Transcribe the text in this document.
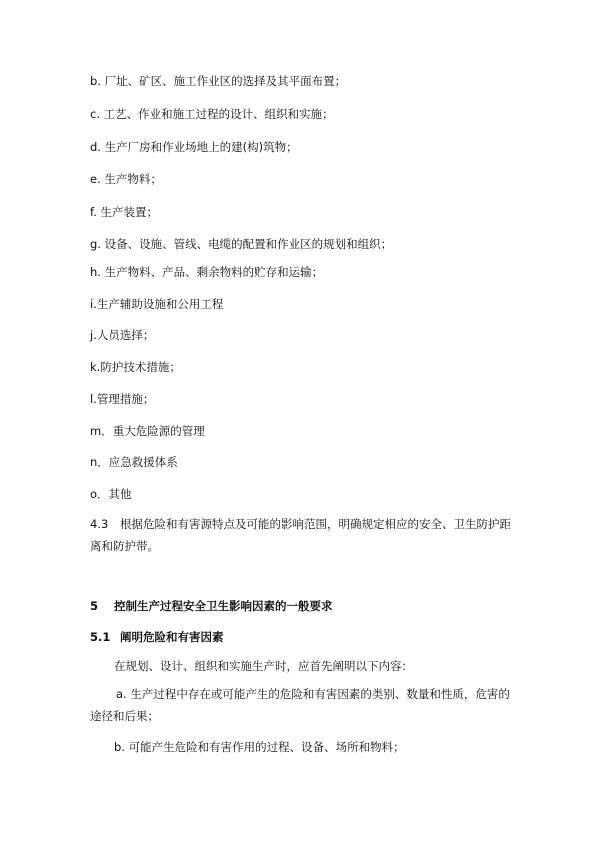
b. 厂址、矿区、施工作业区的选择及其平面布置；
c. 工艺、作业和施工过程的设计、组织和实施；
d. 生产厂房和作业场地上的建(构)筑物；
e. 生产物料；
f. 生产装置；
g. 设备、设施、管线、电缆的配置和作业区的规划和组织；
h. 生产物料、产品、剩余物料的贮存和运输；
i.生产辅助设施和公用工程
j.人员选择；
k.防护技术措施；
l.管理措施；
m．重大危险源的管理
n．应急救援体系
o．其他
4.3 根据危险和有害源特点及可能的影响范围，明确规定相应的安全、卫生防护距离和防护带。
5 控制生产过程安全卫生影响因素的一般要求
5.1 阐明危险和有害因素
在规划、设计、组织和实施生产时，应首先阐明以下内容：
a. 生产过程中存在或可能产生的危险和有害因素的类别、数量和性质，危害的途径和后果；
b. 可能产生危险和有害作用的过程、设备、场所和物料；
